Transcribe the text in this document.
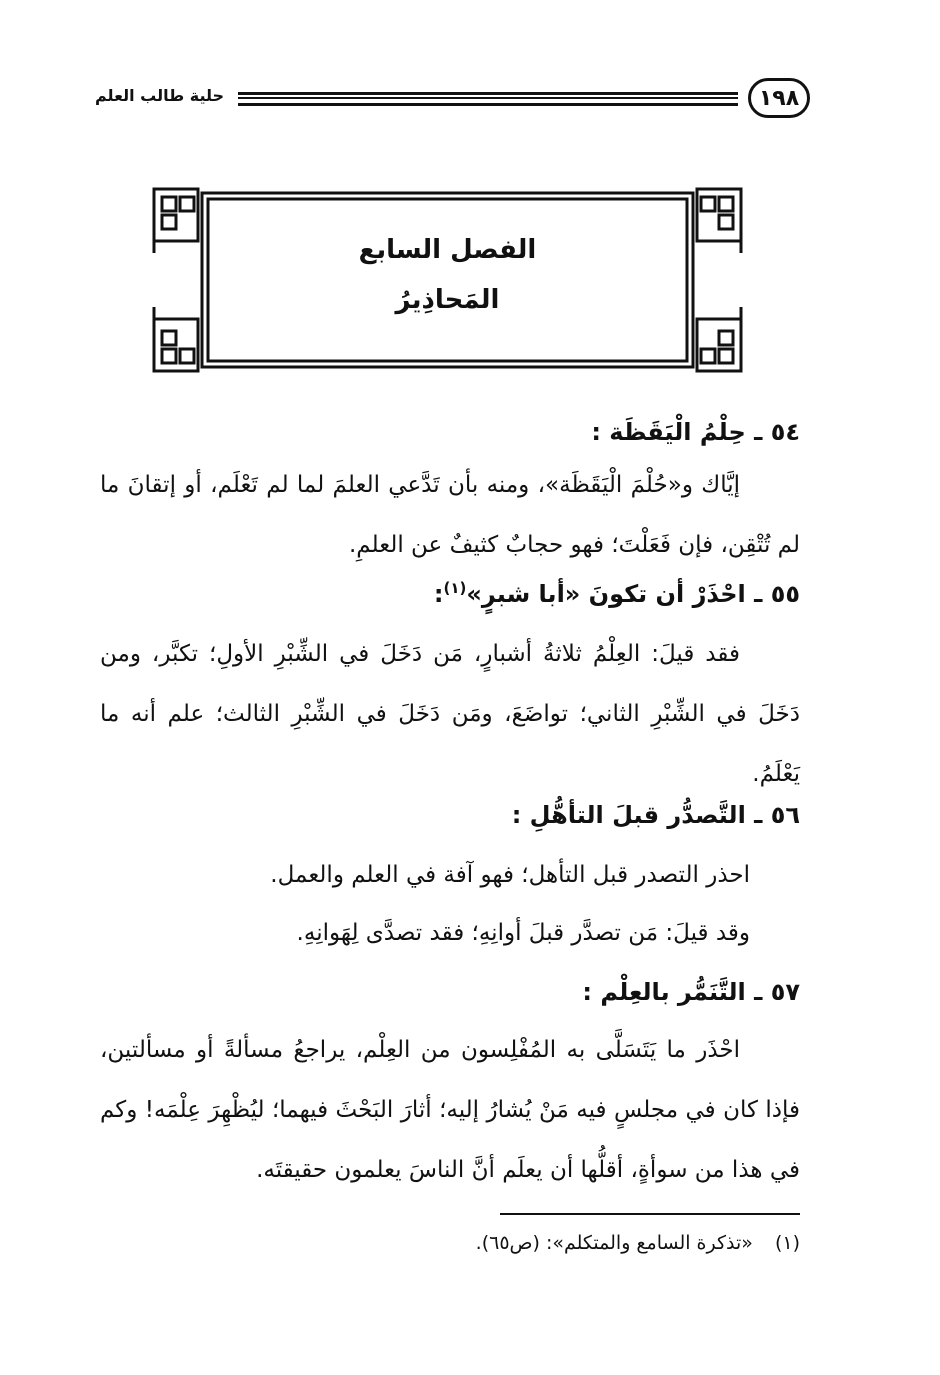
١٩٨
حلية طالب العلم
الفصل السابع
المَحاذِيرُ
٥٤ ـ حِلْمُ الْيَقَظَة :
إيَّاك و«حُلْمَ الْيَقَظَة»، ومنه بأن تَدَّعي العلمَ لما لم تَعْلَم، أو إتقانَ ما لم تُتْقِن، فإن فَعَلْتَ؛ فهو حجابٌ كثيفٌ عن العلمِ.
٥٥ ـ احْذَرْ أن تكونَ «أبا شبرٍ»$^{(١)}$:
فقد قيلَ: العِلْمُ ثلاثةُ أشبارٍ، مَن دَخَلَ في الشِّبْرِ الأولِ؛ تكبَّر، ومن دَخَلَ في الشِّبْرِ الثاني؛ تواضَعَ، ومَن دَخَلَ في الشِّبْرِ الثالث؛ علم أنه ما يَعْلَمُ.
٥٦ ـ التَّصدُّر قبلَ التأهُّلِ :
احذر التصدر قبل التأهل؛ فهو آفة في العلم والعمل.
وقد قيلَ: مَن تصدَّر قبلَ أوانِهِ؛ فقد تصدَّى لِهَوانِهِ.
٥٧ ـ التَّنَمُّر بالعِلْم :
احْذَر ما يَتَسَلَّى به المُفْلِسون من العِلْم، يراجعُ مسألةً أو مسألتين، فإذا كان في مجلسٍ فيه مَنْ يُشارُ إليه؛ أثارَ البَحْثَ فيهما؛ ليُظْهِرَ عِلْمَه! وكم في هذا من سوأةٍ، أقلُّها أن يعلَم أنَّ الناسَ يعلمون حقيقتَه.
(١)«تذكرة السامع والمتكلم»: (ص٦٥).
